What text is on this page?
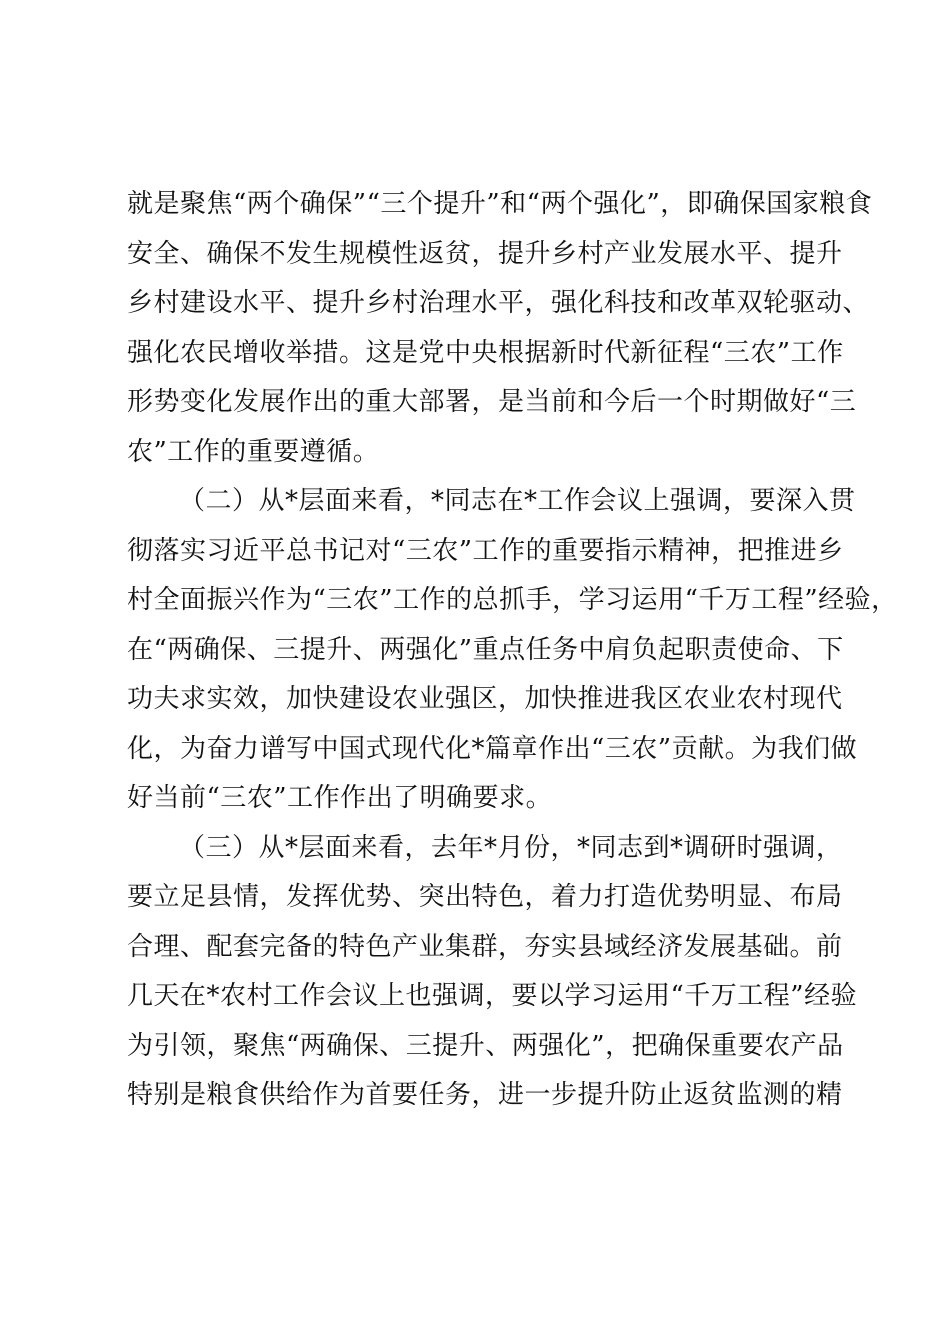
就是聚焦“两个确保”“三个提升”和“两个强化”，即确保国家粮食
安全、确保不发生规模性返贫，提升乡村产业发展水平、提升
乡村建设水平、提升乡村治理水平，强化科技和改革双轮驱动、
强化农民增收举措。这是党中央根据新时代新征程“三农”工作
形势变化发展作出的重大部署，是当前和今后一个时期做好“三
农”工作的重要遵循。
（二）从*层面来看，*同志在*工作会议上强调，要深入贯
彻落实习近平总书记对“三农”工作的重要指示精神，把推进乡
村全面振兴作为“三农”工作的总抓手，学习运用“千万工程”经验，
在“两确保、三提升、两强化”重点任务中肩负起职责使命、下
功夫求实效，加快建设农业强区，加快推进我区农业农村现代
化，为奋力谱写中国式现代化*篇章作出“三农”贡献。为我们做
好当前“三农”工作作出了明确要求。
（三）从*层面来看，去年*月份，*同志到*调研时强调，
要立足县情，发挥优势、突出特色，着力打造优势明显、布局
合理、配套完备的特色产业集群，夯实县域经济发展基础。前
几天在*农村工作会议上也强调，要以学习运用“千万工程”经验
为引领，聚焦“两确保、三提升、两强化”，把确保重要农产品
特别是粮食供给作为首要任务，进一步提升防止返贫监测的精
